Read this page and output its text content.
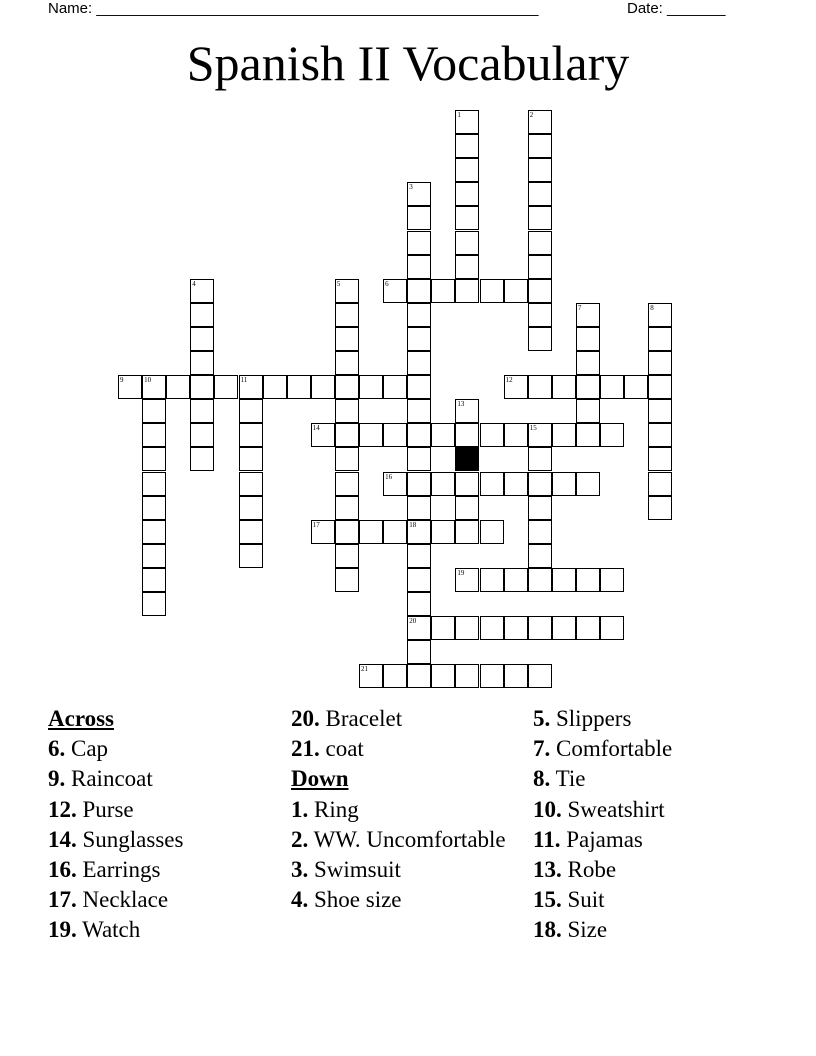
Name: _____________________________________________________	Date: _______
Spanish II Vocabulary
1	2
3
4	5	6
7	8
9	10	11	12
13
14	15
16
17	18
20
19
21
Across
6. Cap
9. Raincoat
12. Purse
14. Sunglasses
16. Earrings
17. Necklace
19. Watch
20. Bracelet
21. coat
Down
1. Ring
2. WW. Uncomfortable
3. Swimsuit
4. Shoe size
5. Slippers
7. Comfortable
8. Tie
10. Sweatshirt
11. Pajamas
13. Robe
15. Suit
18. Size
